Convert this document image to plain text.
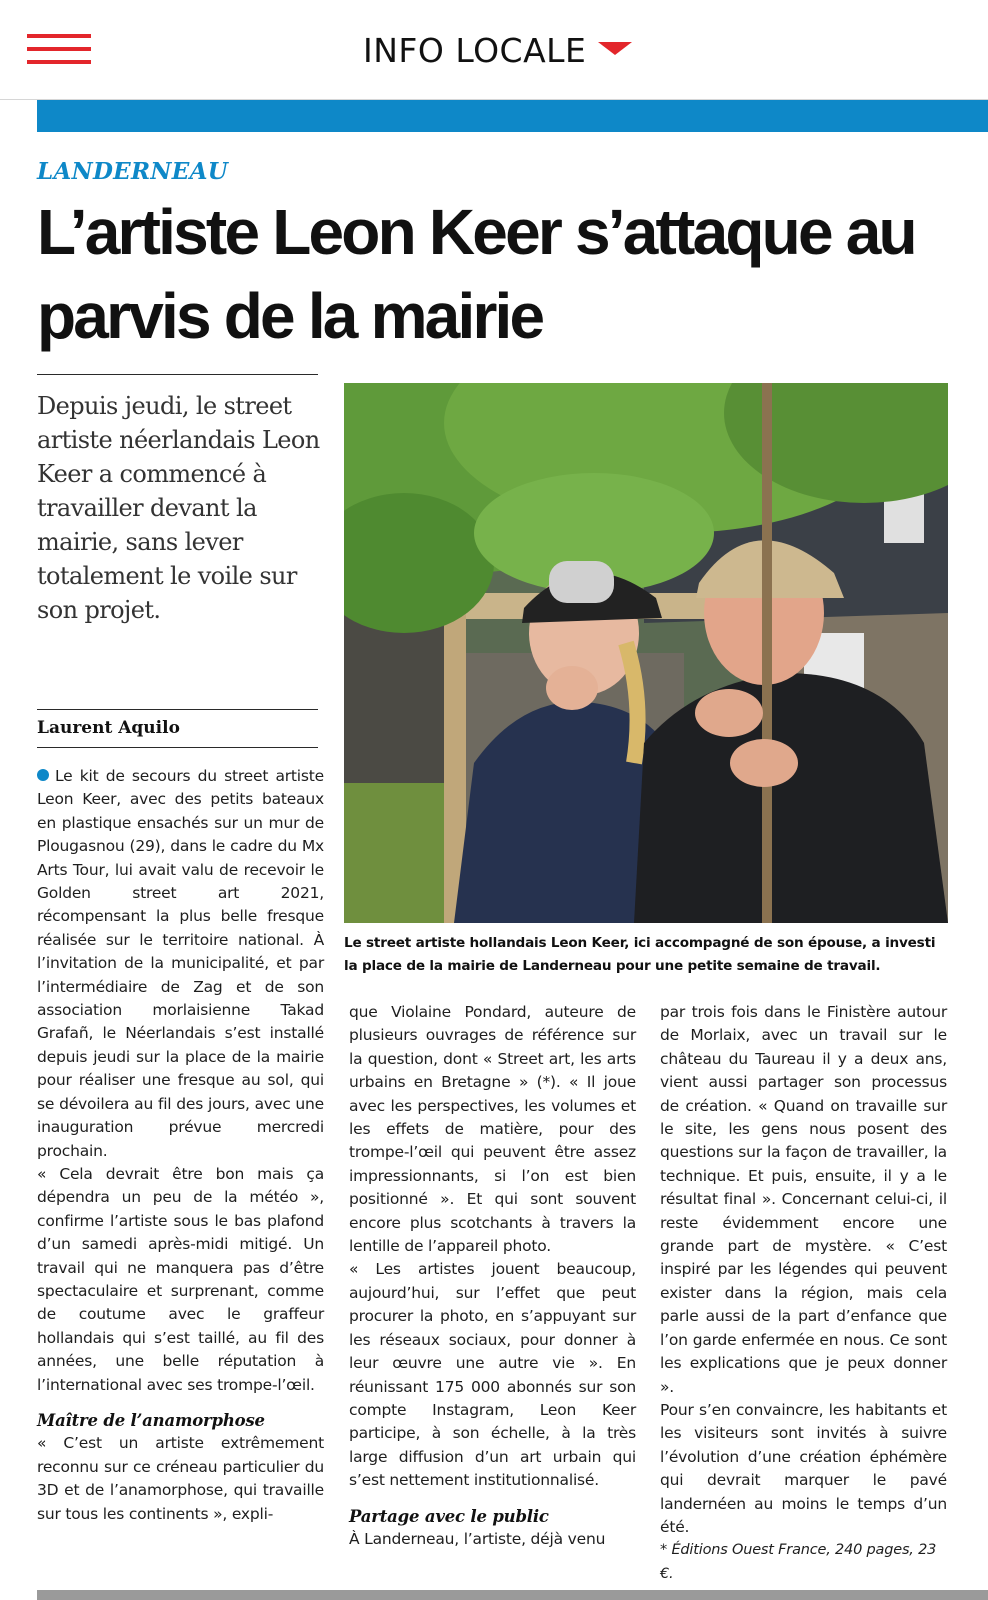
INFO LOCALE
LANDERNEAU
L’artiste Leon Keer s’attaque au parvis de la mairie
Depuis jeudi, le street artiste néerlandais Leon Keer a commencé à travailler devant la mairie, sans lever totalement le voile sur son projet.
Laurent Aquilo
Le street artiste hollandais Leon Keer, ici accompagné de son épouse, a investi la place de la mairie de Landerneau pour une petite semaine de travail.

Le kit de secours du street artiste Leon Keer, avec des petits bateaux en plastique ensachés sur un mur de Plougasnou (29), dans le cadre du Mx Arts Tour, lui avait valu de recevoir le Golden street art 2021, récompensant la plus belle fresque réalisée sur le territoire national. À l’invitation de la municipalité, et par l’intermédiaire de Zag et de son association morlaisienne Takad Grafañ, le Néerlandais s’est installé depuis jeudi sur la place de la mairie pour réaliser une fresque au sol, qui se dévoilera au fil des jours, avec une inauguration prévue mercredi prochain.

« Cela devrait être bon mais ça dépendra un peu de la météo », confirme l’artiste sous le bas plafond d’un samedi après-midi mitigé. Un travail qui ne manquera pas d’être spectaculaire et surprenant, comme de coutume avec le graffeur hollandais qui s’est taillé, au fil des années, une belle réputation à l’international avec ses trompe-l’œil.

Maître de l’anamorphose

« C’est un artiste extrêmement reconnu sur ce créneau particulier du 3D et de l’anamorphose, qui travaille sur tous les continents », expli-

que Violaine Pondard, auteure de plusieurs ouvrages de référence sur la question, dont « Street art, les arts urbains en Bretagne » (*). « Il joue avec les perspectives, les volumes et les effets de matière, pour des trompe-l’œil qui peuvent être assez impressionnants, si l’on est bien positionné ». Et qui sont souvent encore plus scotchants à travers la lentille de l’appareil photo.

« Les artistes jouent beaucoup, aujourd’hui, sur l’effet que peut procurer la photo, en s’appuyant sur les réseaux sociaux, pour donner à leur œuvre une autre vie ». En réunissant 175 000 abonnés sur son compte Instagram, Leon Keer participe, à son échelle, à la très large diffusion d’un art urbain qui s’est nettement institutionnalisé.

Partage avec le public

À Landerneau, l’artiste, déjà venu

par trois fois dans le Finistère autour de Morlaix, avec un travail sur le château du Taureau il y a deux ans, vient aussi partager son processus de création. « Quand on travaille sur le site, les gens nous posent des questions sur la façon de travailler, la technique. Et puis, ensuite, il y a le résultat final ». Concernant celui-ci, il reste évidemment encore une grande part de mystère. « C’est inspiré par les légendes qui peuvent exister dans la région, mais cela parle aussi de la part d’enfance que l’on garde enfermée en nous. Ce sont les explications que je peux donner ».

Pour s’en convaincre, les habitants et les visiteurs sont invités à suivre l’évolution d’une création éphémère qui devrait marquer le pavé landernéen au moins le temps d’un été.

* Éditions Ouest France, 240 pages, 23 €.
